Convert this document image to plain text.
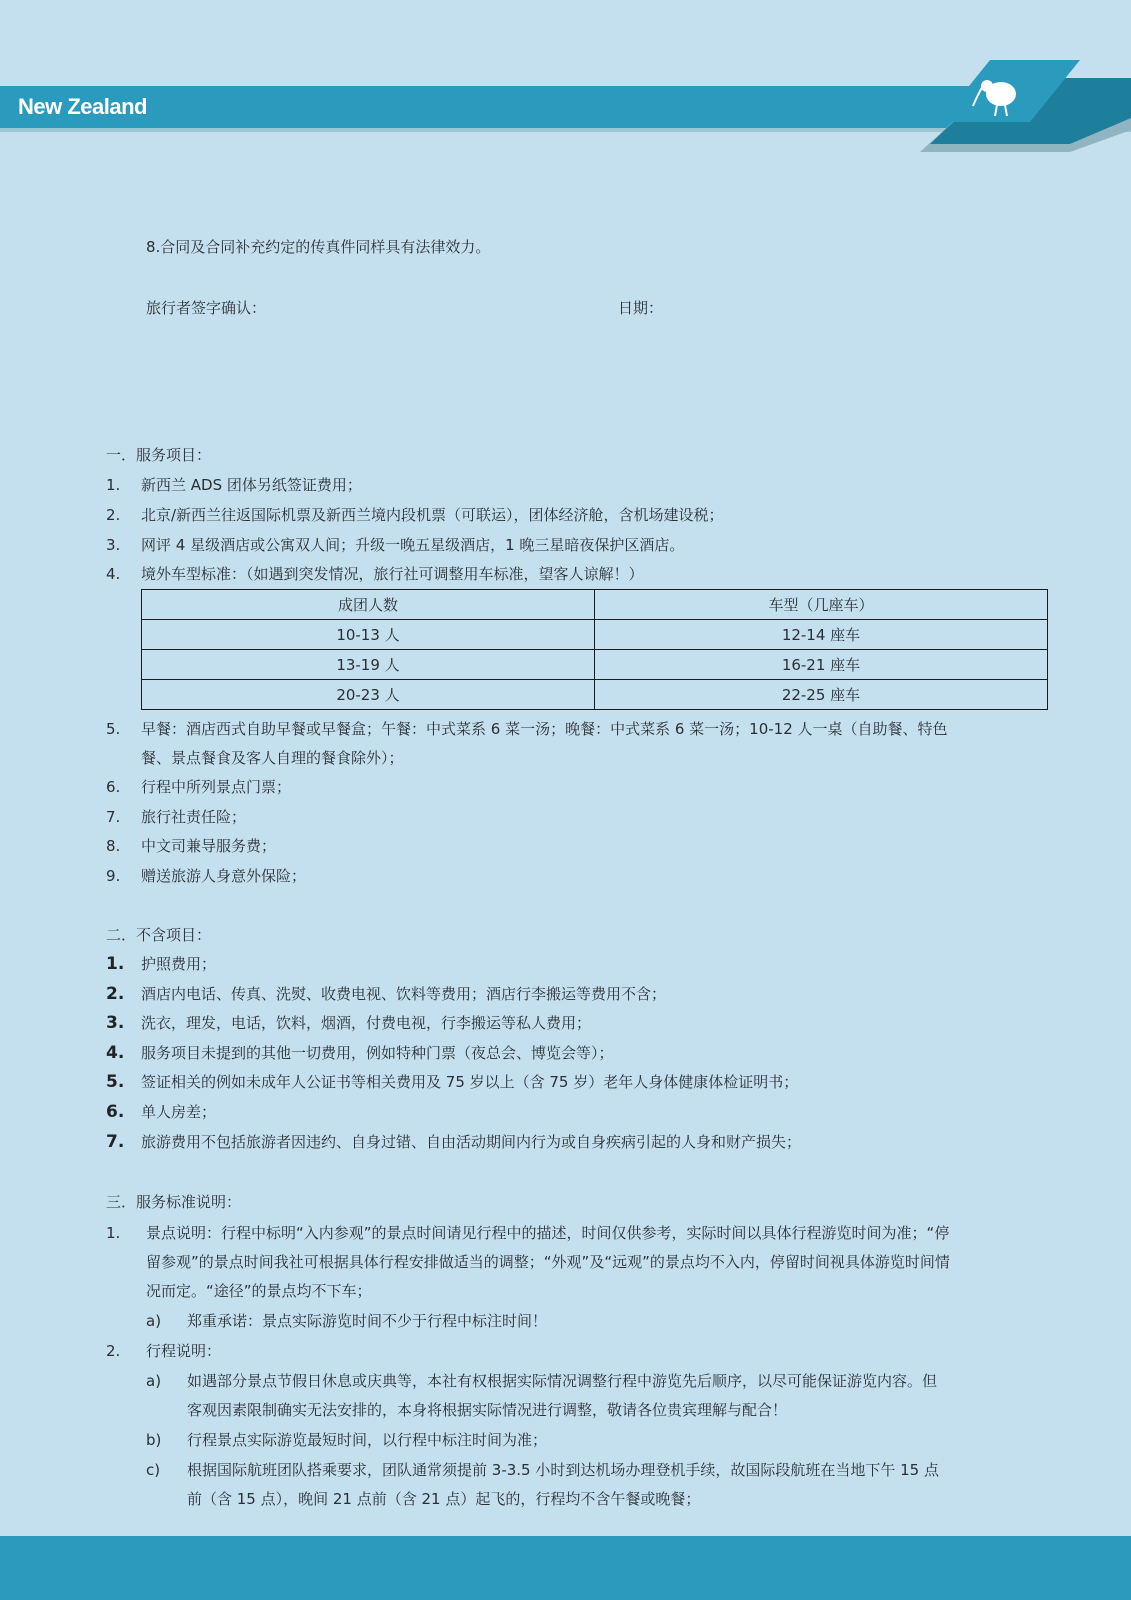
New Zealand
8.合同及合同补充约定的传真件同样具有法律效力。
旅行者签字确认：	日期：
一．服务项目：
1. 新西兰 ADS 团体另纸签证费用；
2. 北京/新西兰往返国际机票及新西兰境内段机票（可联运），团体经济舱，含机场建设税；
3. 网评 4 星级酒店或公寓双人间；升级一晚五星级酒店，1 晚三星暗夜保护区酒店。
4. 境外车型标准：（如遇到突发情况，旅行社可调整用车标准，望客人谅解！）
成团人数	车型（几座车）
10-13 人	12-14 座车
13-19 人	16-21 座车
20-23 人	22-25 座车
5. 早餐：酒店西式自助早餐或早餐盒；午餐：中式菜系 6 菜一汤；晚餐：中式菜系 6 菜一汤；10-12 人一桌（自助餐、特色
餐、景点餐食及客人自理的餐食除外）；
6. 行程中所列景点门票；
7. 旅行社责任险；
8. 中文司兼导服务费；
9. 赠送旅游人身意外保险；
二．不含项目：
1. 护照费用；
2. 酒店内电话、传真、洗熨、收费电视、饮料等费用；酒店行李搬运等费用不含；
3. 洗衣，理发，电话，饮料，烟酒，付费电视，行李搬运等私人费用；
4. 服务项目未提到的其他一切费用，例如特种门票（夜总会、博览会等）；
5. 签证相关的例如未成年人公证书等相关费用及 75 岁以上（含 75 岁）老年人身体健康体检证明书；
6. 单人房差；
7. 旅游费用不包括旅游者因违约、自身过错、自由活动期间内行为或自身疾病引起的人身和财产损失；
三．服务标准说明：
1. 景点说明：行程中标明“入内参观”的景点时间请见行程中的描述，时间仅供参考，实际时间以具体行程游览时间为准；“停
留参观”的景点时间我社可根据具体行程安排做适当的调整；“外观”及“远观”的景点均不入内，停留时间视具体游览时间情
况而定。“途径”的景点均不下车；
a) 郑重承诺：景点实际游览时间不少于行程中标注时间！
2. 行程说明：
a) 如遇部分景点节假日休息或庆典等，本社有权根据实际情况调整行程中游览先后顺序，以尽可能保证游览内容。但
客观因素限制确实无法安排的，本身将根据实际情况进行调整，敬请各位贵宾理解与配合！
b) 行程景点实际游览最短时间，以行程中标注时间为准；
c) 根据国际航班团队搭乘要求，团队通常须提前 3-3.5 小时到达机场办理登机手续，故国际段航班在当地下午 15 点
前（含 15 点），晚间 21 点前（含 21 点）起飞的，行程均不含午餐或晚餐；
